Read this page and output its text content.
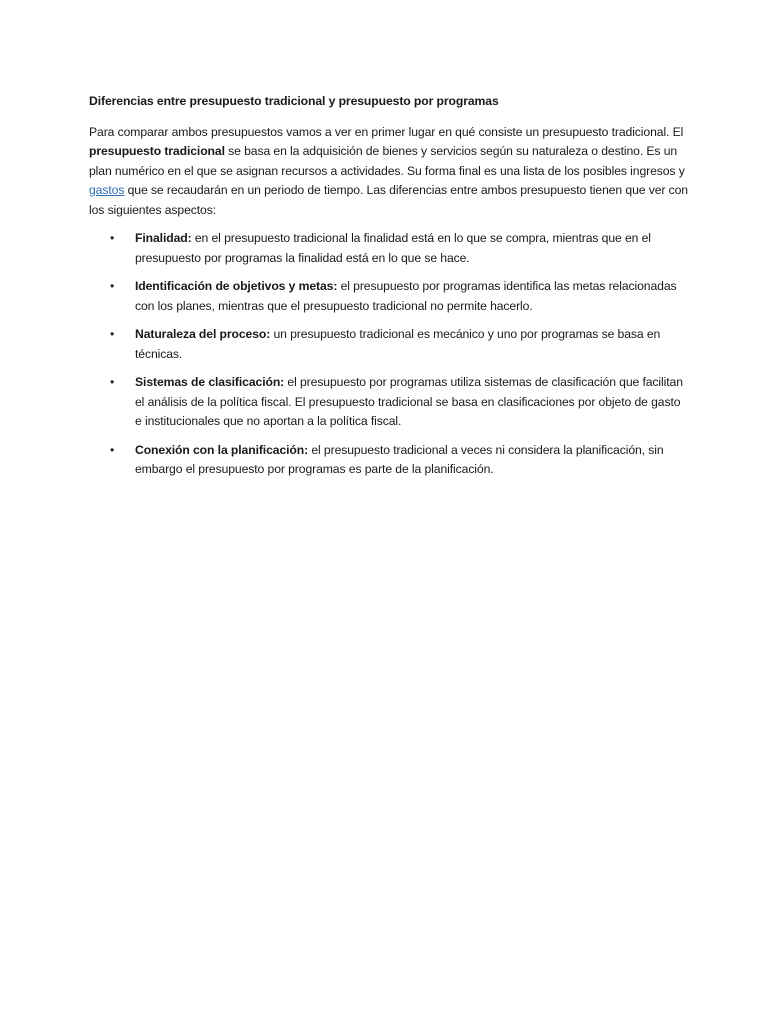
Diferencias entre presupuesto tradicional y presupuesto por programas

Para comparar ambos presupuestos vamos a ver en primer lugar en qué consiste un presupuesto tradicional. El presupuesto tradicional se basa en la adquisición de bienes y servicios según su naturaleza o destino. Es un plan numérico en el que se asignan recursos a actividades. Su forma final es una lista de los posibles ingresos y gastos que se recaudarán en un periodo de tiempo. Las diferencias entre ambos presupuesto tienen que ver con los siguientes aspectos:

• Finalidad: en el presupuesto tradicional la finalidad está en lo que se compra, mientras que en el presupuesto por programas la finalidad está en lo que se hace.
• Identificación de objetivos y metas: el presupuesto por programas identifica las metas relacionadas con los planes, mientras que el presupuesto tradicional no permite hacerlo.
• Naturaleza del proceso: un presupuesto tradicional es mecánico y uno por programas se basa en técnicas.
• Sistemas de clasificación: el presupuesto por programas utiliza sistemas de clasificación que facilitan el análisis de la política fiscal. El presupuesto tradicional se basa en clasificaciones por objeto de gasto e institucionales que no aportan a la política fiscal.
• Conexión con la planificación: el presupuesto tradicional a veces ni considera la planificación, sin embargo el presupuesto por programas es parte de la planificación.
